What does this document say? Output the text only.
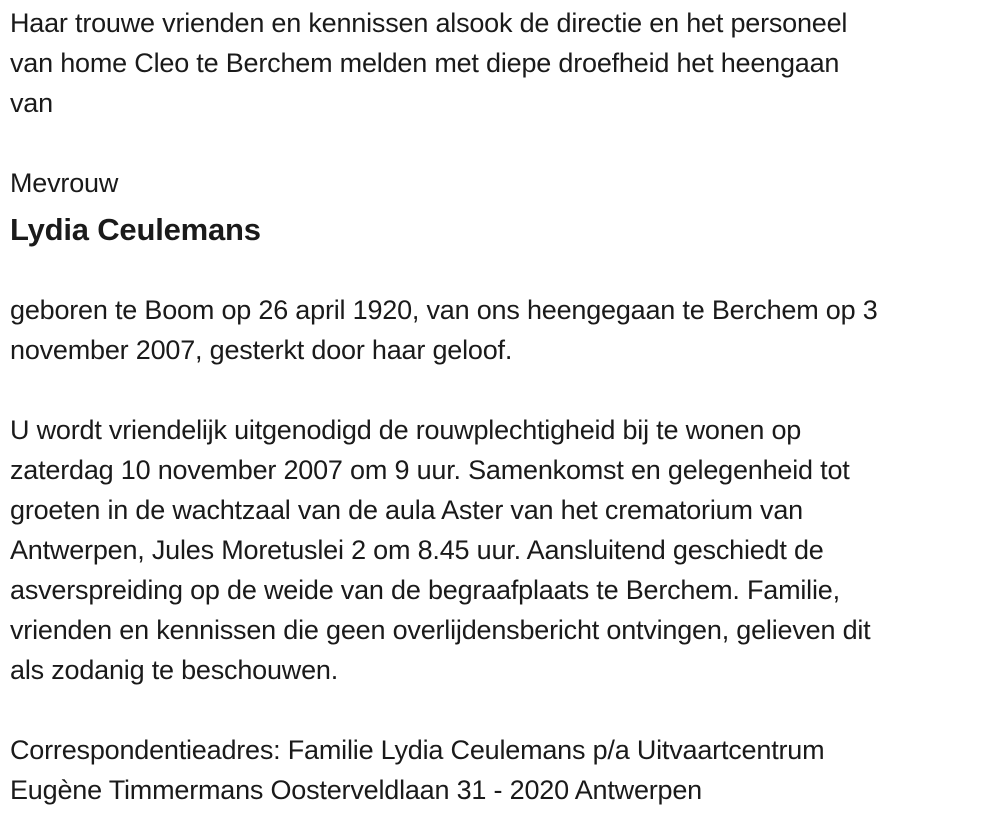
Haar trouwe vrienden en kennissen alsook de directie en het personeel
van home Cleo te Berchem melden met diepe droefheid het heengaan
van
Mevrouw
Lydia Ceulemans
geboren te Boom op 26 april 1920, van ons heengegaan te Berchem op 3
november 2007, gesterkt door haar geloof.
U wordt vriendelijk uitgenodigd de rouwplechtigheid bij te wonen op
zaterdag 10 november 2007 om 9 uur. Samenkomst en gelegenheid tot
groeten in de wachtzaal van de aula Aster van het crematorium van
Antwerpen, Jules Moretuslei 2 om 8.45 uur. Aansluitend geschiedt de
asverspreiding op de weide van de begraafplaats te Berchem. Familie,
vrienden en kennissen die geen overlijdensbericht ontvingen, gelieven dit
als zodanig te beschouwen.
Correspondentieadres: Familie Lydia Ceulemans p/a Uitvaartcentrum
Eugène Timmermans Oosterveldlaan 31 - 2020 Antwerpen
